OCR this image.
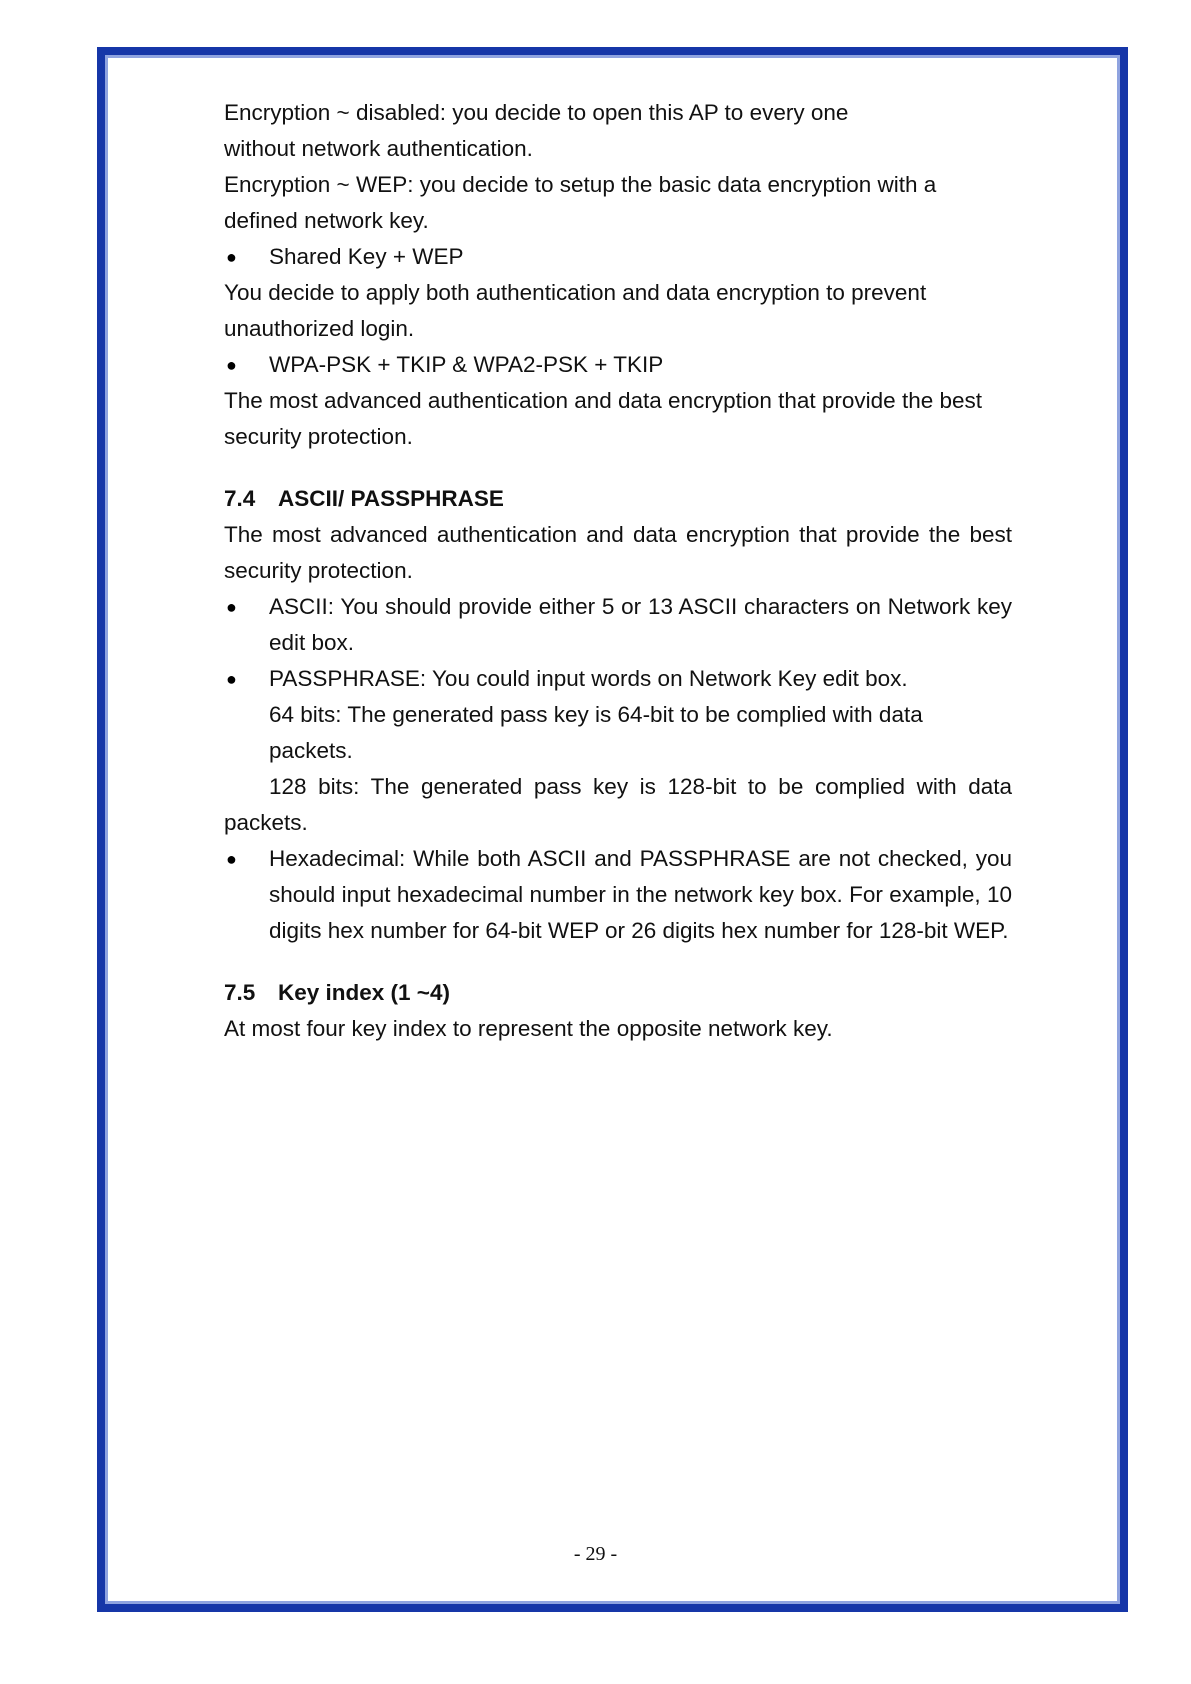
Encryption ~ disabled: you decide to open this AP to every one

without network authentication.

Encryption ~ WEP: you decide to setup the basic data encryption with a

defined network key.

● Shared Key + WEP

You decide to apply both authentication and data encryption to prevent

unauthorized login.

● WPA-PSK + TKIP & WPA2-PSK + TKIP

The most advanced authentication and data encryption that provide the best

security protection.

7.4 ASCII/ PASSPHRASE

The most advanced authentication and data encryption that provide the best security protection.

● ASCII: You should provide either 5 or 13 ASCII characters on Network key edit box.
● PASSPHRASE: You could input words on Network Key edit box.

64 bits: The generated pass key is 64-bit to be complied with data packets.

128 bits: The generated pass key is 128-bit to be complied with data

packets.

● Hexadecimal: While both ASCII and PASSPHRASE are not checked, you should input hexadecimal number in the network key box. For example, 10 digits hex number for 64-bit WEP or 26 digits hex number for 128-bit WEP.

7.5 Key index (1 ~4)

At most four key index to represent the opposite network key.

- 29 -
